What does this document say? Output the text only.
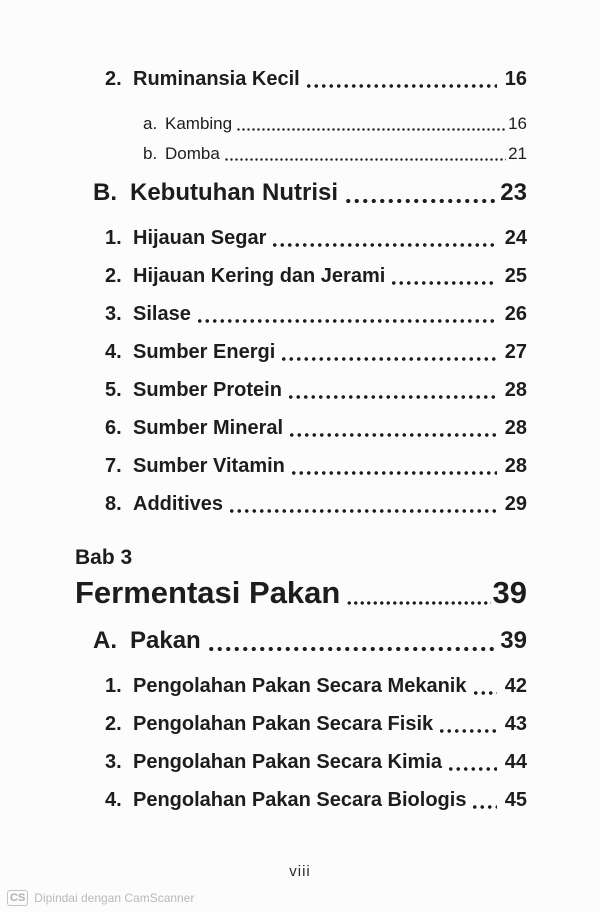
2. Ruminansia Kecil	16
a. Kambing	16
b. Domba	21
B. Kebutuhan Nutrisi	23
1. Hijauan Segar	24
2. Hijauan Kering dan Jerami	25
3. Silase	26
4. Sumber Energi	27
5. Sumber Protein	28
6. Sumber Mineral	28
7. Sumber Vitamin	28
8. Additives	29
Bab 3
Fermentasi Pakan	39
A. Pakan	39
1. Pengolahan Pakan Secara Mekanik 42
2. Pengolahan Pakan Secara Fisik	43
3. Pengolahan Pakan Secara Kimia	44
4. Pengolahan Pakan Secara Biologis 45
viii
CS Dipindai dengan CamScanner
